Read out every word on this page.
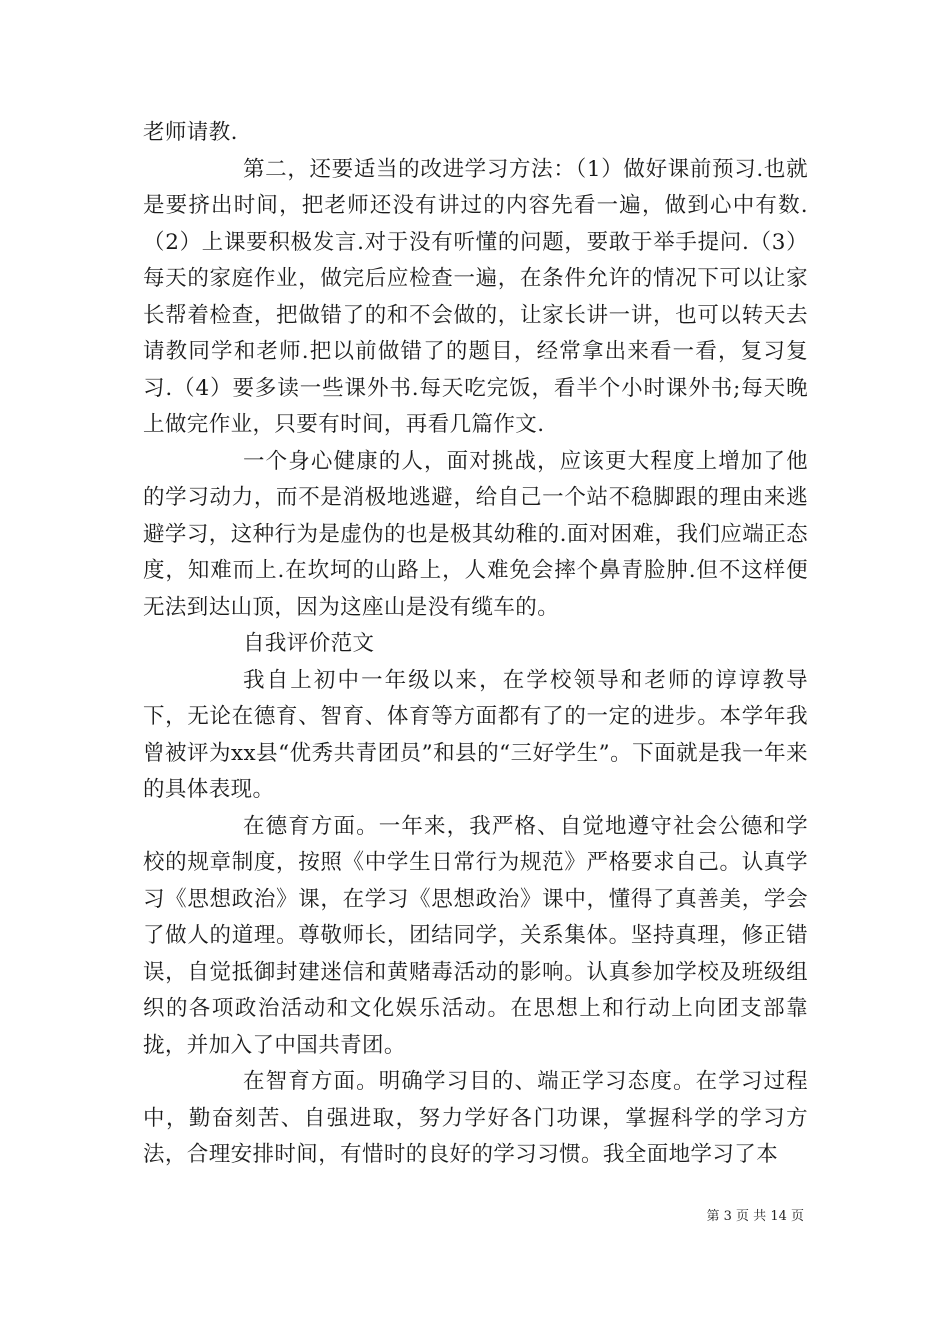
老师请教.

第二，还要适当的改进学习方法：（1）做好课前预习.也就是要挤出时间，把老师还没有讲过的内容先看一遍，做到心中有数.（2）上课要积极发言.对于没有听懂的问题，要敢于举手提问.（3）每天的家庭作业，做完后应检查一遍，在条件允许的情况下可以让家长帮着检查，把做错了的和不会做的，让家长讲一讲，也可以转天去请教同学和老师.把以前做错了的题目，经常拿出来看一看，复习复习.（4）要多读一些课外书.每天吃完饭，看半个小时课外书;每天晚上做完作业，只要有时间，再看几篇作文.

一个身心健康的人，面对挑战，应该更大程度上增加了他的学习动力，而不是消极地逃避，给自己一个站不稳脚跟的理由来逃避学习，这种行为是虚伪的也是极其幼稚的.面对困难，我们应端正态度，知难而上.在坎坷的山路上，人难免会摔个鼻青脸肿.但不这样便无法到达山顶，因为这座山是没有缆车的。

自我评价范文

我自上初中一年级以来，在学校领导和老师的谆谆教导下，无论在德育、智育、体育等方面都有了的一定的进步。本学年我曾被评为xx县“优秀共青团员”和县的“三好学生”。下面就是我一年来的具体表现。

在德育方面。一年来，我严格、自觉地遵守社会公德和学校的规章制度，按照《中学生日常行为规范》严格要求自己。认真学习《思想政治》课，在学习《思想政治》课中，懂得了真善美，学会了做人的道理。尊敬师长，团结同学，关系集体。坚持真理，修正错误，自觉抵御封建迷信和黄赌毒活动的影响。认真参加学校及班级组织的各项政治活动和文化娱乐活动。在思想上和行动上向团支部靠拢，并加入了中国共青团。

在智育方面。明确学习目的、端正学习态度。在学习过程中，勤奋刻苦、自强进取，努力学好各门功课，掌握科学的学习方法，合理安排时间，有惜时的良好的学习习惯。我全面地学习了本

第 3 页 共 14 页
